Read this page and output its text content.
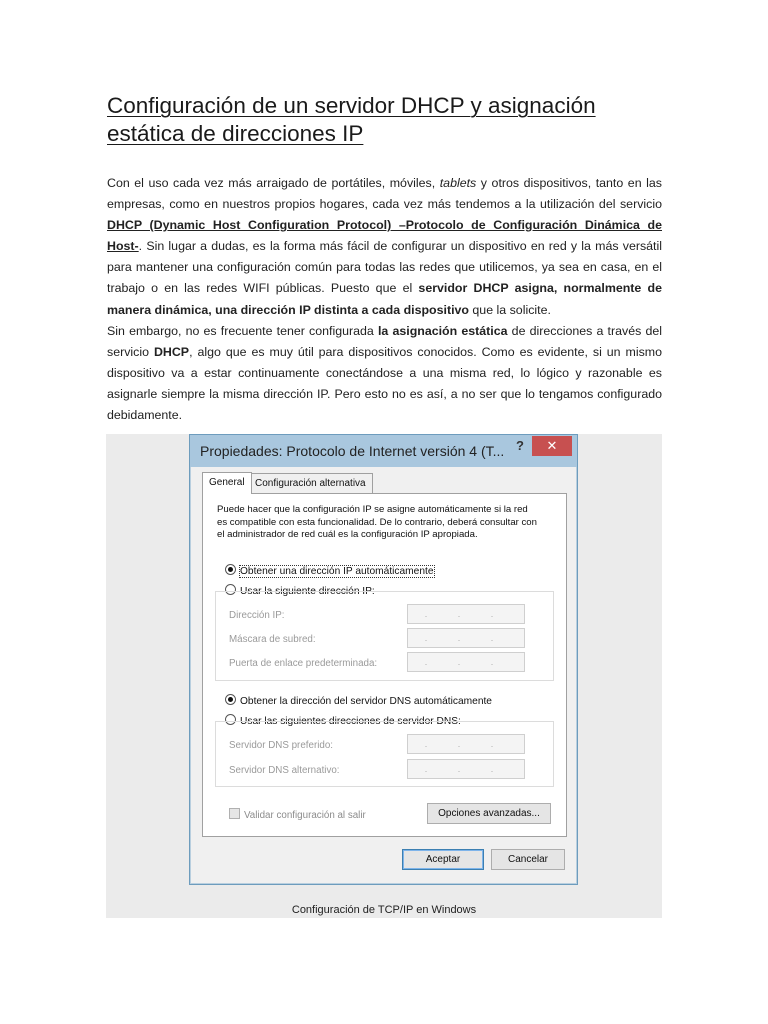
Configuración de un servidor DHCP y asignación estática de direcciones IP

Con el uso cada vez más arraigado de portátiles, móviles, tablets y otros dispositivos, tanto en las empresas, como en nuestros propios hogares, cada vez más tendemos a la utilización del servicio DHCP (Dynamic Host Configuration Protocol) –Protocolo de Configuración Dinámica de Host-. Sin lugar a dudas, es la forma más fácil de configurar un dispositivo en red y la más versátil para mantener una configuración común para todas las redes que utilicemos, ya sea en casa, en el trabajo o en las redes WIFI públicas. Puesto que el servidor DHCP asigna, normalmente de manera dinámica, una dirección IP distinta a cada dispositivo que la solicite.

Sin embargo, no es frecuente tener configurada la asignación estática de direcciones a través del servicio DHCP, algo que es muy útil para dispositivos conocidos. Como es evidente, si un mismo dispositivo va a estar continuamente conectándose a una misma red, lo lógico y razonable es asignarle siempre la misma dirección IP. Pero esto no es así, a no ser que lo tengamos configurado debidamente.

Propiedades: Protocolo de Internet versión 4 (T... ?	✕
General	Configuración alternativa
Puede hacer que la configuración IP se asigne automáticamente si la red es compatible con esta funcionalidad. De lo contrario, deberá consultar con el administrador de red cuál es la configuración IP apropiada.
Obtener una dirección IP automáticamente
Usar la siguiente dirección IP:
Dirección IP:	. . .
Máscara de subred:	. . .
Puerta de enlace predeterminada:	. . .
Obtener la dirección del servidor DNS automáticamente
Usar las siguientes direcciones de servidor DNS:
Servidor DNS preferido:	. . .
Servidor DNS alternativo:	. . .
Validar configuración al salir	Opciones avanzadas...
Aceptar	Cancelar
Configuración de TCP/IP en Windows
